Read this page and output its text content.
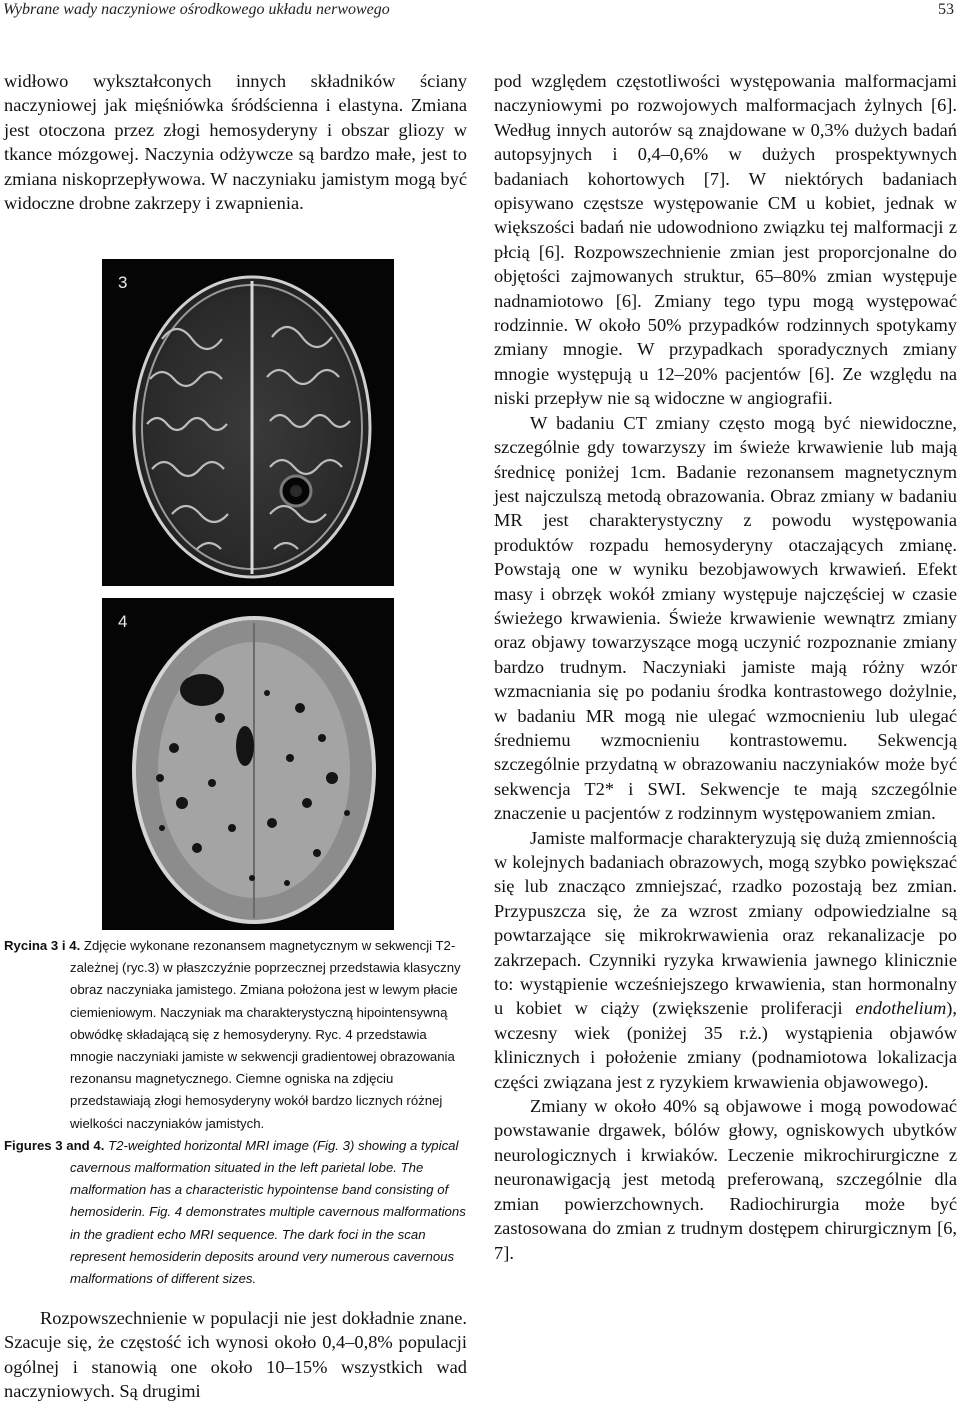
Wybrane wady naczyniowe ośrodkowego układu nerwowego	53

widłowo wykształconych innych składników ściany naczyniowej jak mięśniówka śródścienna i elastyna. Zmiana jest otoczona przez złogi hemosyderyny i obszar gliozy w tkance mózgowej. Naczynia odżywcze są bardzo małe, jest to zmiana niskoprzepływowa. W naczyniaku jamistym mogą być widoczne drobne zakrzepy i zwapnienia.

3
4

Rycina 3 i 4. Zdjęcie wykonane rezonansem magnetycznym w sekwencji T2-zależnej (ryc.3) w płaszczyźnie poprzecznej przedstawia klasyczny obraz naczyniaka jamistego. Zmiana położona jest w lewym płacie ciemieniowym. Naczyniak ma charakterystyczną hipointensywną obwódkę składającą się z hemosyderyny. Ryc. 4 przedstawia mnogie naczyniaki jamiste w sekwencji gradientowej obrazowania rezonansu magnetycznego. Ciemne ogniska na zdjęciu przedstawiają złogi hemosyderyny wokół bardzo licznych różnej wielkości naczyniaków jamistych.

Figures 3 and 4. T2-weighted horizontal MRI image (Fig. 3) showing a typical cavernous malformation situated in the left parietal lobe. The malformation has a characteristic hypointense band consisting of hemosiderin. Fig. 4 demonstrates multiple cavernous malformations in the gradient echo MRI sequence. The dark foci in the scan represent hemosiderin deposits around very numerous cavernous malformations of different sizes.

Rozpowszechnienie w populacji nie jest dokładnie znane. Szacuje się, że częstość ich wynosi około 0,4–0,8% populacji ogólnej i stanowią one około 10–15% wszystkich wad naczyniowych. Są drugimi

pod względem częstotliwości występowania malformacjami naczyniowymi po rozwojowych malformacjach żylnych [6]. Według innych autorów są znajdowane w 0,3% dużych badań autopsyjnych i 0,4–0,6% w dużych prospektywnych badaniach kohortowych [7]. W niektórych badaniach opisywano częstsze występowanie CM u kobiet, jednak w większości badań nie udowodniono związku tej malformacji z płcią [6]. Rozpowszechnienie zmian jest proporcjonalne do objętości zajmowanych struktur, 65–80% zmian występuje nadnamiotowo [6]. Zmiany tego typu mogą występować rodzinnie. W około 50% przypadków rodzinnych spotykamy zmiany mnogie. W przypadkach sporadycznych zmiany mnogie występują u 12–20% pacjentów [6]. Ze względu na niski przepływ nie są widoczne w angiografii.

W badaniu CT zmiany często mogą być niewidoczne, szczególnie gdy towarzyszy im świeże krwawienie lub mają średnicę poniżej 1cm. Badanie rezonansem magnetycznym jest najczulszą metodą obrazowania. Obraz zmiany w badaniu MR jest charakterystyczny z powodu występowania produktów rozpadu hemosyderyny otaczających zmianę. Powstają one w wyniku bezobjawowych krwawień. Efekt masy i obrzęk wokół zmiany występuje najczęściej w czasie świeżego krwawienia. Świeże krwawienie wewnątrz zmiany oraz objawy towarzyszące mogą uczynić rozpoznanie zmiany bardzo trudnym. Naczyniaki jamiste mają różny wzór wzmacniania się po podaniu środka kontrastowego dożylnie, w badaniu MR mogą nie ulegać wzmocnieniu lub ulegać średniemu wzmocnieniu kontrastowemu. Sekwencją szczególnie przydatną w obrazowaniu naczyniaków może być sekwencja T2* i SWI. Sekwencje te mają szczególnie znaczenie u pacjentów z rodzinnym występowaniem zmian.

Jamiste malformacje charakteryzują się dużą zmiennością w kolejnych badaniach obrazowych, mogą szybko powiększać się lub znacząco zmniejszać, rzadko pozostają bez zmian. Przypuszcza się, że za wzrost zmiany odpowiedzialne są powtarzające się mikrokrwawienia oraz rekanalizacje po zakrzepach. Czynniki ryzyka krwawienia jawnego klinicznie to: wystąpienie wcześniejszego krwawienia, stan hormonalny u kobiet w ciąży (zwiększenie proliferacji endothelium), wczesny wiek (poniżej 35 r.ż.) wystąpienia objawów klinicznych i położenie zmiany (podnamiotowa lokalizacja części związana jest z ryzykiem krwawienia objawowego).

Zmiany w około 40% są objawowe i mogą powodować powstawanie drgawek, bólów głowy, ogniskowych ubytków neurologicznych i krwiaków. Leczenie mikrochirurgiczne z neuronawigacją jest metodą preferowaną, szczególnie dla zmian powierzchownych. Radiochirurgia może być zastosowana do zmian z trudnym dostępem chirurgicznym [6, 7].
